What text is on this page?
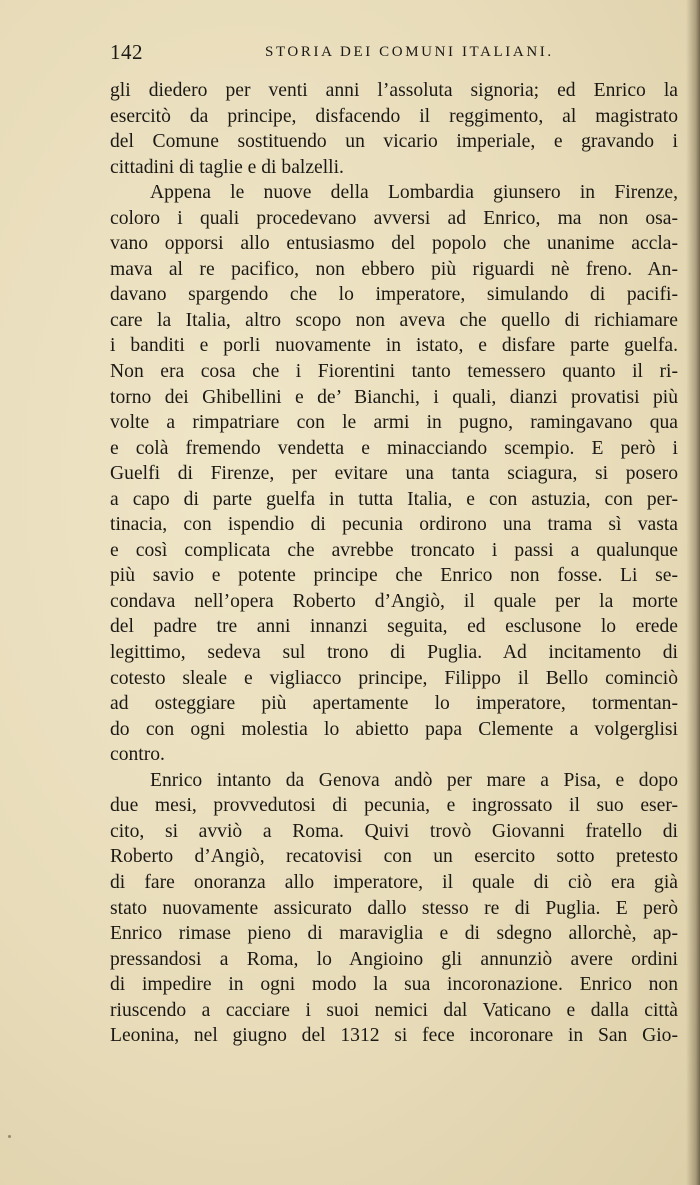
142	STORIA DEI COMUNI ITALIANI.
gli diedero per venti anni l’assoluta signoria; ed Enrico la
esercitò da principe, disfacendo il reggimento, al magistrato
del Comune sostituendo un vicario imperiale, e gravando i
cittadini di taglie e di balzelli.
Appena le nuove della Lombardia giunsero in Firenze,
coloro i quali procedevano avversi ad Enrico, ma non osa-
vano opporsi allo entusiasmo del popolo che unanime accla-
mava al re pacifico, non ebbero più riguardi nè freno. An-
davano spargendo che lo imperatore, simulando di pacifi-
care la Italia, altro scopo non aveva che quello di richiamare
i banditi e porli nuovamente in istato, e disfare parte guelfa.
Non era cosa che i Fiorentini tanto temessero quanto il ri-
torno dei Ghibellini e de’ Bianchi, i quali, dianzi provatisi più
volte a rimpatriare con le armi in pugno, ramingavano qua
e colà fremendo vendetta e minacciando scempio. E però i
Guelfi di Firenze, per evitare una tanta sciagura, si posero
a capo di parte guelfa in tutta Italia, e con astuzia, con per-
tinacia, con ispendio di pecunia ordirono una trama sì vasta
e così complicata che avrebbe troncato i passi a qualunque
più savio e potente principe che Enrico non fosse. Li se-
condava nell’opera Roberto d’Angiò, il quale per la morte
del padre tre anni innanzi seguita, ed esclusone lo erede
legittimo, sedeva sul trono di Puglia. Ad incitamento di
cotesto sleale e vigliacco principe, Filippo il Bello cominciò
ad osteggiare più apertamente lo imperatore, tormentan-
do con ogni molestia lo abietto papa Clemente a volgerglisi
contro.
Enrico intanto da Genova andò per mare a Pisa, e dopo
due mesi, provvedutosi di pecunia, e ingrossato il suo eser-
cito, si avviò a Roma. Quivi trovò Giovanni fratello di
Roberto d’Angiò, recatovisi con un esercito sotto pretesto
di fare onoranza allo imperatore, il quale di ciò era già
stato nuovamente assicurato dallo stesso re di Puglia. E però
Enrico rimase pieno di maraviglia e di sdegno allorchè, ap-
pressandosi a Roma, lo Angioino gli annunziò avere ordini
di impedire in ogni modo la sua incoronazione. Enrico non
riuscendo a cacciare i suoi nemici dal Vaticano e dalla città
Leonina, nel giugno del 1312 si fece incoronare in San Gio-
